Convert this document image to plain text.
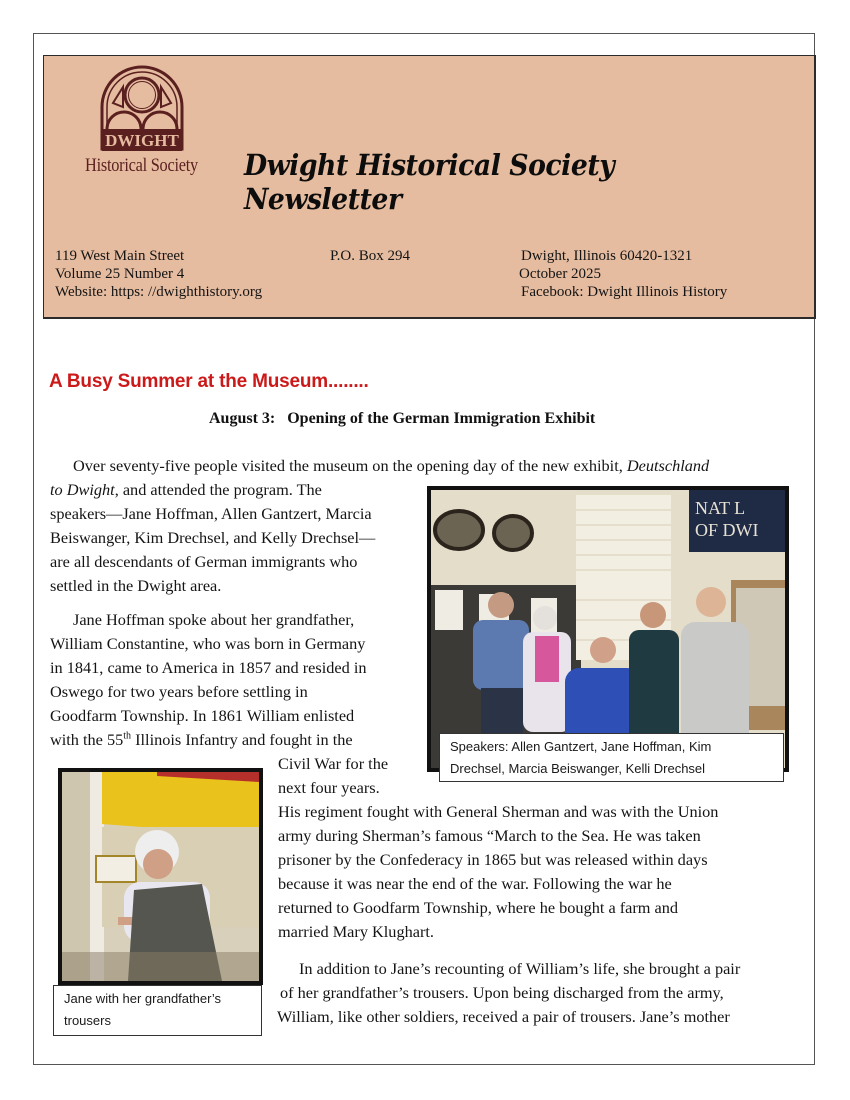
DWIGHT
Historical Society Dwight Historical Society Newsletter
119 West Main Street
Volume 25 Number 4
Website: https: //dwighthistory.org
P.O. Box 294	Dwight, Illinois 60420-1321
October 2025
Facebook: Dwight Illinois History
A Busy Summer at the Museum........
August 3: Opening of the German Immigration Exhibit
Over seventy-five people visited the museum on the opening day of the new exhibit, Deutschland
to Dwight, and attended the program. The
speakers—Jane Hoffman, Allen Gantzert, Marcia
Beiswanger, Kim Drechsel, and Kelly Drechsel—
are all descendants of German immigrants who
settled in the Dwight area.
Jane Hoffman spoke about her grandfather,
William Constantine, who was born in Germany
in 1841, came to America in 1857 and resided in
Oswego for two years before settling in
Goodfarm Township. In 1861 William enlisted
with the 55th Illinois Infantry and fought in the
Civil War for the
next four years.
His regiment fought with General Sherman and was with the Union
army during Sherman’s famous “March to the Sea. He was taken
prisoner by the Confederacy in 1865 but was released within days
because it was near the end of the war. Following the war he
returned to Goodfarm Township, where he bought a farm and
married Mary Klughart.
In addition to Jane’s recounting of William’s life, she brought a pair
of her grandfather’s trousers. Upon being discharged from the army,
William, like other soldiers, received a pair of trousers. Jane’s mother
NAT L
OF DWI
Speakers: Allen Gantzert, Jane Hoffman, Kim
Drechsel, Marcia Beiswanger, Kelli Drechsel
Jane with her grandfather’s
trousers
